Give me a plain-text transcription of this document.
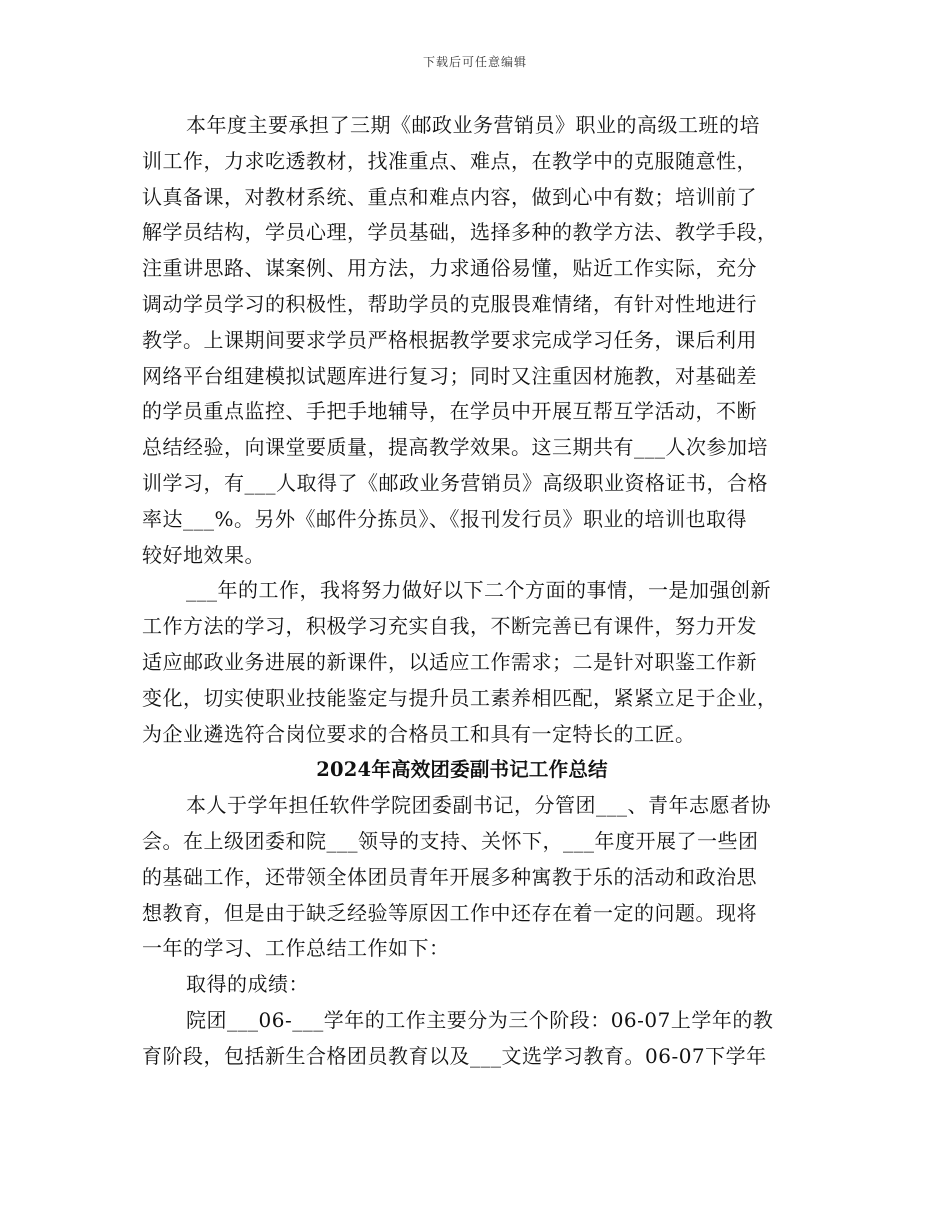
下载后可任意编辑
本年度主要承担了三期《邮政业务营销员》职业的高级工班的培
训工作，力求吃透教材，找准重点、难点，在教学中的克服随意性，
认真备课，对教材系统、重点和难点内容，做到心中有数；培训前了
解学员结构，学员心理，学员基础，选择多种的教学方法、教学手段，
注重讲思路、谋案例、用方法，力求通俗易懂，贴近工作实际，充分
调动学员学习的积极性，帮助学员的克服畏难情绪，有针对性地进行
教学。上课期间要求学员严格根据教学要求完成学习任务，课后利用
网络平台组建模拟试题库进行复习；同时又注重因材施教，对基础差
的学员重点监控、手把手地辅导，在学员中开展互帮互学活动，不断
总结经验，向课堂要质量，提高教学效果。这三期共有___人次参加培
训学习，有___人取得了《邮政业务营销员》高级职业资格证书，合格
率达___%。另外《邮件分拣员》、《报刊发行员》职业的培训也取得
较好地效果。
___年的工作，我将努力做好以下二个方面的事情，一是加强创新
工作方法的学习，积极学习充实自我，不断完善已有课件，努力开发
适应邮政业务进展的新课件，以适应工作需求；二是针对职鉴工作新
变化，切实使职业技能鉴定与提升员工素养相匹配，紧紧立足于企业，
为企业遴选符合岗位要求的合格员工和具有一定特长的工匠。
2024年高效团委副书记工作总结
本人于学年担任软件学院团委副书记，分管团___、青年志愿者协
会。在上级团委和院___领导的支持、关怀下，___年度开展了一些团
的基础工作，还带领全体团员青年开展多种寓教于乐的活动和政治思
想教育，但是由于缺乏经验等原因工作中还存在着一定的问题。现将
一年的学习、工作总结工作如下：
取得的成绩：
院团___06-___学年的工作主要分为三个阶段：06-07上学年的教
育阶段，包括新生合格团员教育以及___文选学习教育。06-07下学年
